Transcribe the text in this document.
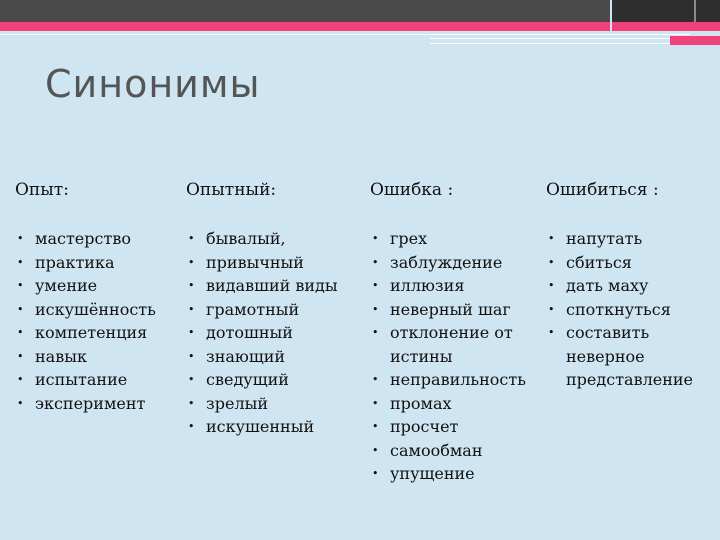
Синонимы
Опыт:
• мастерство
• практика
• умение
• искушённость
• компетенция
• навык
• испытание
• эксперимент
Опытный:
• бывалый,
• привычный
• видавший виды
• грамотный
• дотошный
• знающий
• сведущий
• зрелый
• искушенный
Ошибка :
• грех
• заблуждение
• иллюзия
• неверный шаг
• отклонение от истины
• неправильность
• промах
• просчет
• самообман
• упущение
Ошибиться :
• напутать
• сбиться
• дать маху
• споткнуться
• составить неверное представление
